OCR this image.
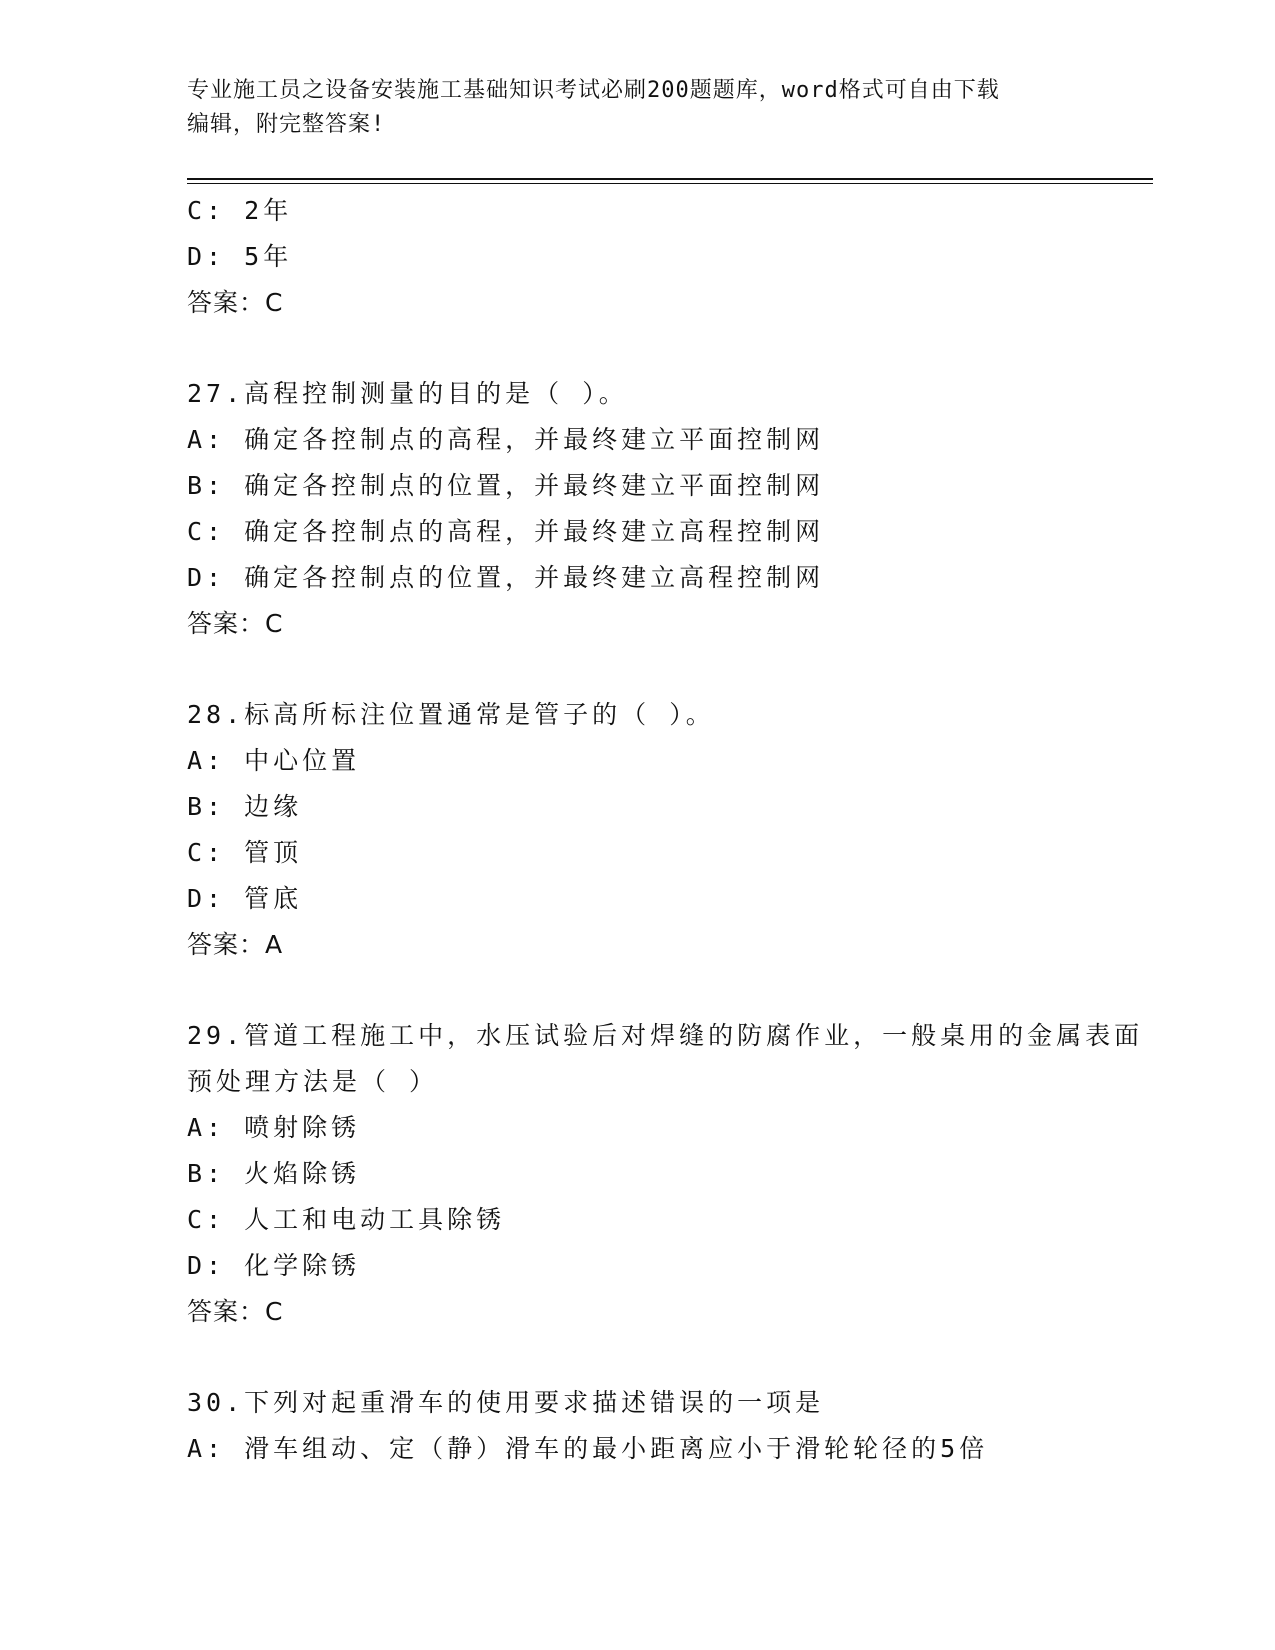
专业施工员之设备安装施工基础知识考试必刷200题题库，word格式可自由下载
编辑，附完整答案!
C: 2年
D: 5年
答案：C
27.高程控制测量的目的是（ ）。
A: 确定各控制点的高程，并最终建立平面控制网
B: 确定各控制点的位置，并最终建立平面控制网
C: 确定各控制点的高程，并最终建立高程控制网
D: 确定各控制点的位置，并最终建立高程控制网
答案：C
28.标高所标注位置通常是管子的（ ）。
A: 中心位置
B: 边缘
C: 管顶
D: 管底
答案：A
29.管道工程施工中，水压试验后对焊缝的防腐作业，一般桌用的金属表面预处理方法是（ ）
A: 喷射除锈
B: 火焰除锈
C: 人工和电动工具除锈
D: 化学除锈
答案：C
30.下列对起重滑车的使用要求描述错误的一项是
A: 滑车组动、定（静）滑车的最小距离应小于滑轮轮径的5倍
